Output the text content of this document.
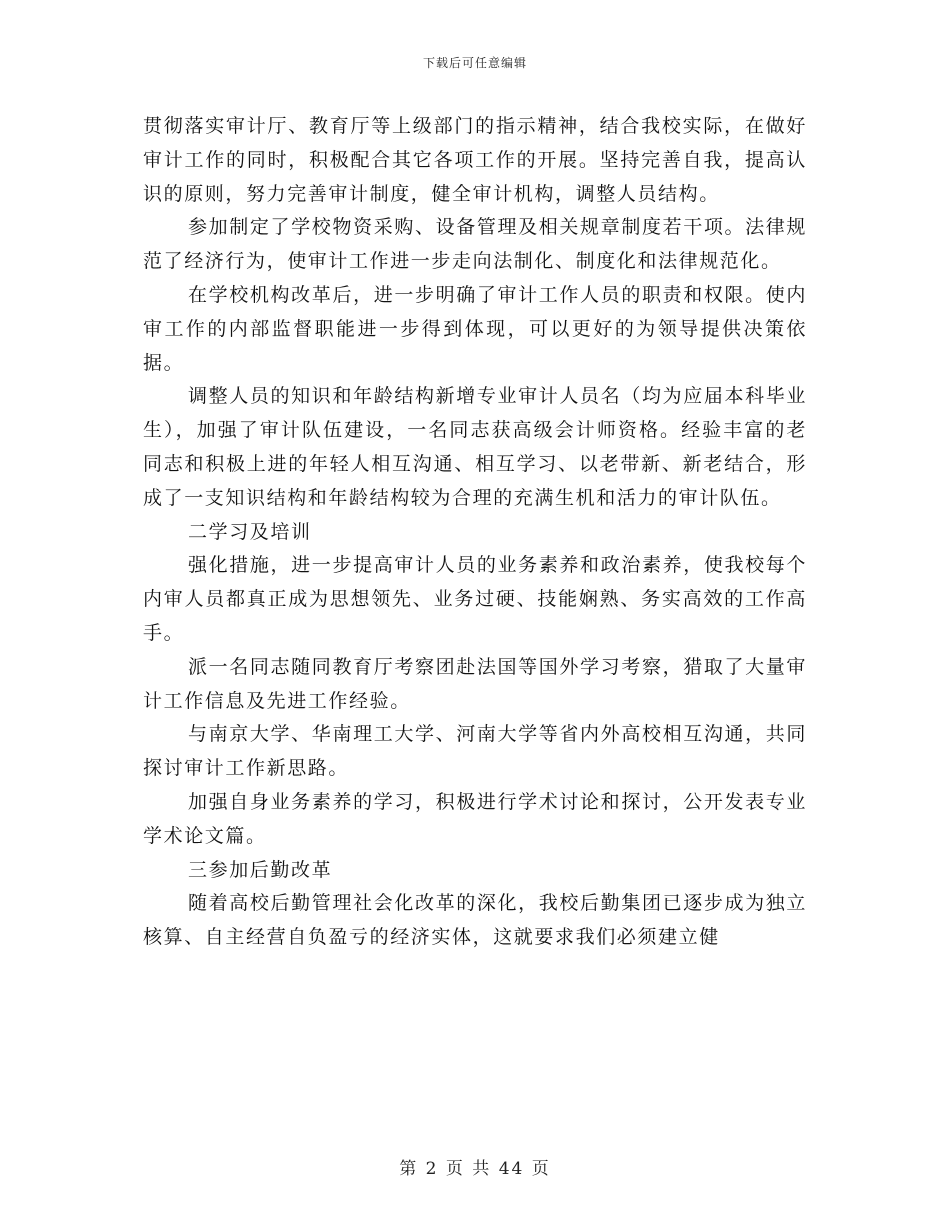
下载后可任意编辑

贯彻落实审计厅、教育厅等上级部门的指示精神，结合我校实际，在做好审计工作的同时，积极配合其它各项工作的开展。坚持完善自我，提高认识的原则，努力完善审计制度，健全审计机构，调整人员结构。

参加制定了学校物资采购、设备管理及相关规章制度若干项。法律规范了经济行为，使审计工作进一步走向法制化、制度化和法律规范化。

在学校机构改革后，进一步明确了审计工作人员的职责和权限。使内审工作的内部监督职能进一步得到体现，可以更好的为领导提供决策依据。

调整人员的知识和年龄结构新增专业审计人员名（均为应届本科毕业生），加强了审计队伍建设，一名同志获高级会计师资格。经验丰富的老同志和积极上进的年轻人相互沟通、相互学习、以老带新、新老结合，形成了一支知识结构和年龄结构较为合理的充满生机和活力的审计队伍。

二学习及培训

强化措施，进一步提高审计人员的业务素养和政治素养，使我校每个内审人员都真正成为思想领先、业务过硬、技能娴熟、务实高效的工作高手。

派一名同志随同教育厅考察团赴法国等国外学习考察，猎取了大量审计工作信息及先进工作经验。

与南京大学、华南理工大学、河南大学等省内外高校相互沟通，共同探讨审计工作新思路。

加强自身业务素养的学习，积极进行学术讨论和探讨，公开发表专业学术论文篇。

三参加后勤改革

随着高校后勤管理社会化改革的深化，我校后勤集团已逐步成为独立核算、自主经营自负盈亏的经济实体，这就要求我们必须建立健

第 2 页 共 44 页
